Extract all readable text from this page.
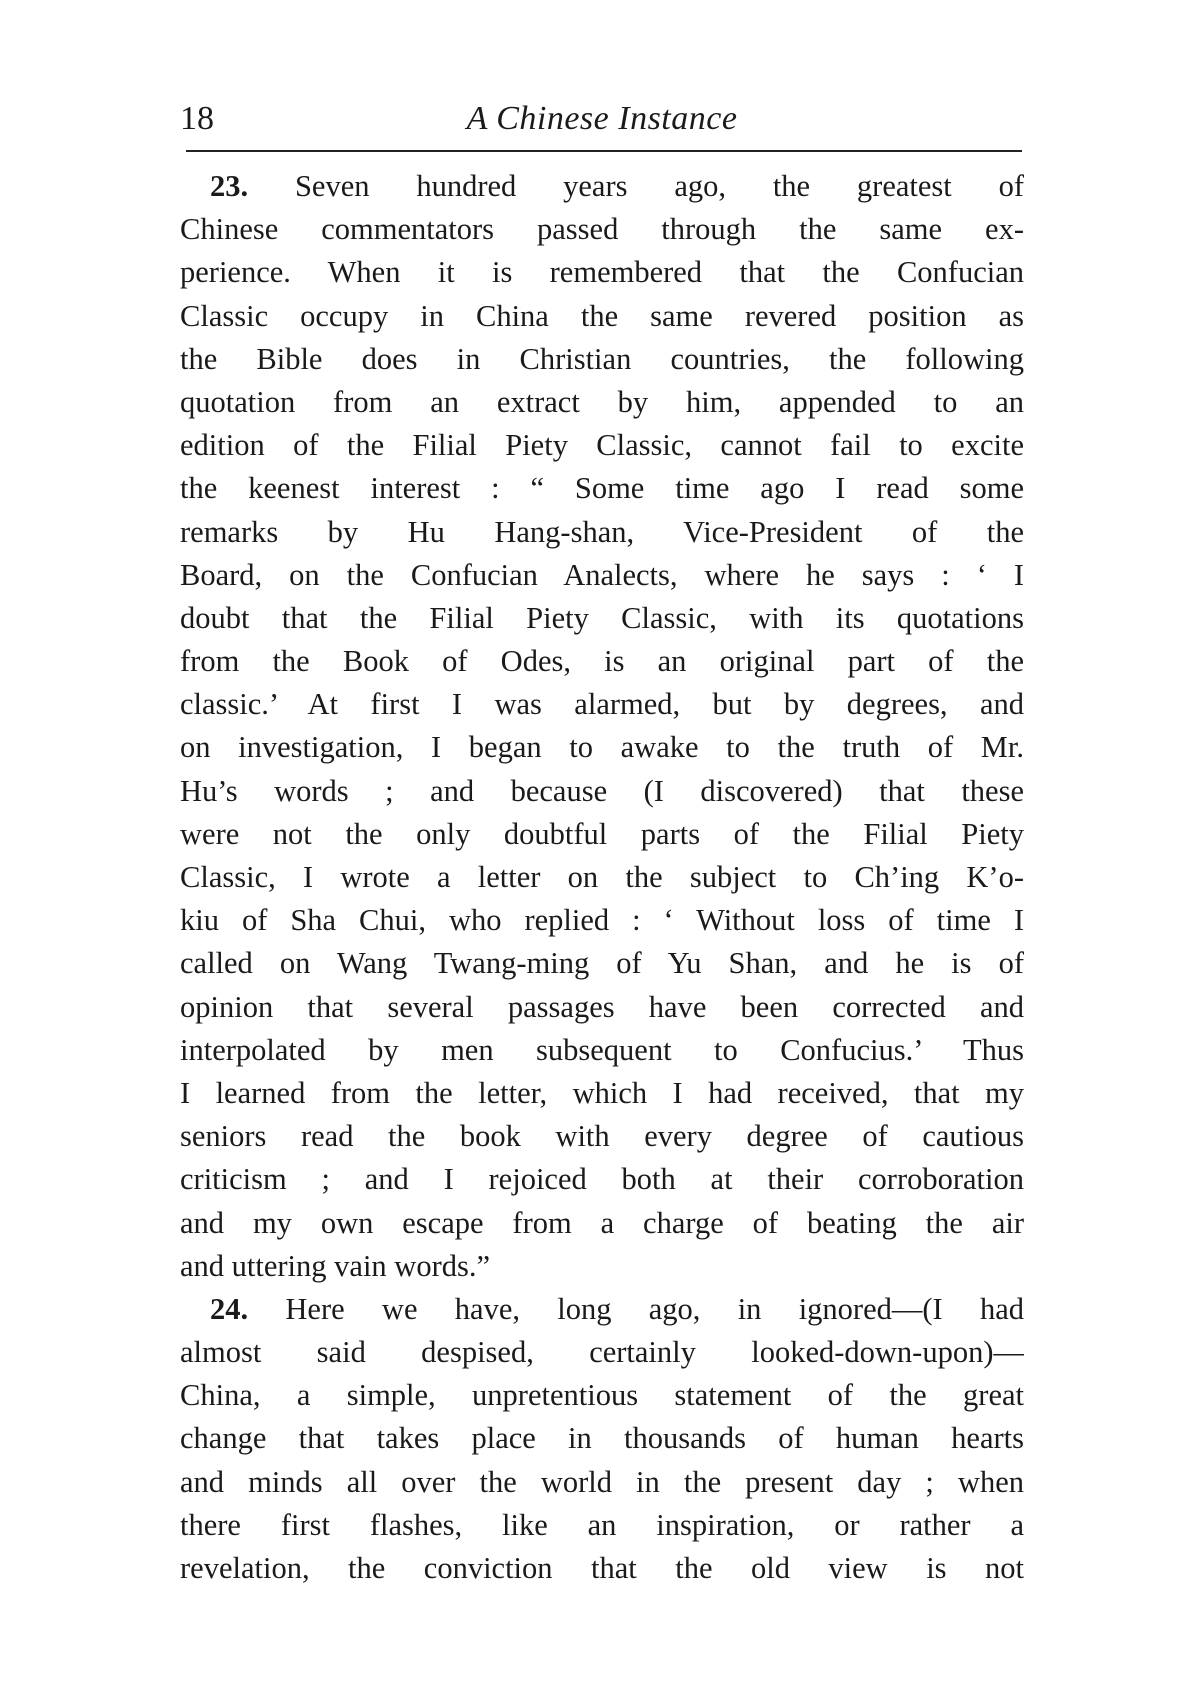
18	A Chinese Instance
23. Seven hundred years ago, the greatest of
Chinese commentators passed through the same ex-
perience. When it is remembered that the Confucian
Classic occupy in China the same revered position as
the Bible does in Christian countries, the following
quotation from an extract by him, appended to an
edition of the Filial Piety Classic, cannot fail to excite
the keenest interest : “ Some time ago I read some
remarks by Hu Hang-shan, Vice-President of the
Board, on the Confucian Analects, where he says : ‘ I
doubt that the Filial Piety Classic, with its quotations
from the Book of Odes, is an original part of the
classic.’ At first I was alarmed, but by degrees, and
on investigation, I began to awake to the truth of Mr.
Hu’s words ; and because (I discovered) that these
were not the only doubtful parts of the Filial Piety
Classic, I wrote a letter on the subject to Ch’ing K’o-
kiu of Sha Chui, who replied : ‘ Without loss of time I
called on Wang Twang-ming of Yu Shan, and he is of
opinion that several passages have been corrected and
interpolated by men subsequent to Confucius.’ Thus
I learned from the letter, which I had received, that my
seniors read the book with every degree of cautious
criticism ; and I rejoiced both at their corroboration
and my own escape from a charge of beating the air
and uttering vain words.”
24. Here we have, long ago, in ignored—(I had
almost said despised, certainly looked-down-upon)—
China, a simple, unpretentious statement of the great
change that takes place in thousands of human hearts
and minds all over the world in the present day ; when
there first flashes, like an inspiration, or rather a
revelation, the conviction that the old view is not
